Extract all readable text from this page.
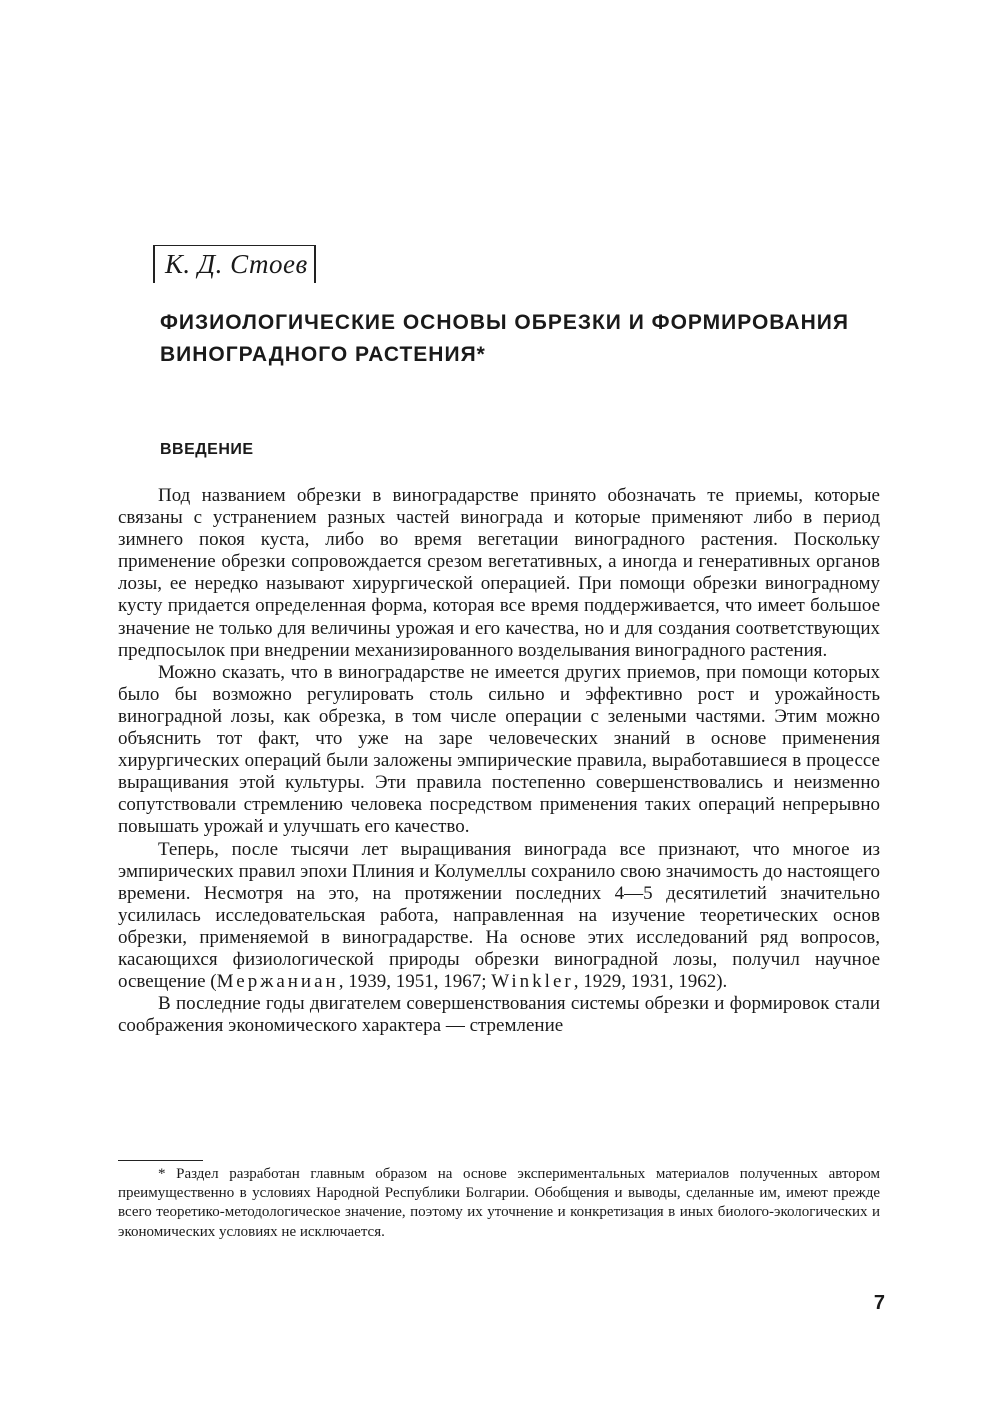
К. Д. Стоев
ФИЗИОЛОГИЧЕСКИЕ ОСНОВЫ ОБРЕЗКИ И ФОРМИРОВАНИЯ ВИНОГРАДНОГО РАСТЕНИЯ*
ВВЕДЕНИЕ

Под названием обрезки в виноградарстве принято обозначать те приемы, которые связаны с устранением разных частей винограда и которые применяют либо в период зимнего покоя куста, либо во время вегетации виноградного растения. Поскольку применение обрезки сопровождается срезом вегетативных, а иногда и генеративных органов лозы, ее нередко называют хирургической операцией. При помощи обрезки виноградному кусту придается определенная форма, которая все время поддерживается, что имеет большое значение не только для величины урожая и его качества, но и для создания соответствующих предпосылок при внедрении механизированного возделывания виноградного растения.

Можно сказать, что в виноградарстве не имеется других приемов, при помощи которых было бы возможно регулировать столь сильно и эффективно рост и урожайность виноградной лозы, как обрезка, в том числе операции с зелеными частями. Этим можно объяснить тот факт, что уже на заре человеческих знаний в основе применения хирургических операций были заложены эмпирические правила, выработавшиеся в процессе выращивания этой культуры. Эти правила постепенно совершенствовались и неизменно сопутствовали стремлению человека посредством применения таких операций непрерывно повышать урожай и улучшать его качество.

Теперь, после тысячи лет выращивания винограда все признают, что многое из эмпирических правил эпохи Плиния и Колумеллы сохранило свою значимость до настоящего времени. Несмотря на это, на протяжении последних 4—5 десятилетий значительно усилилась исследовательская работа, направленная на изучение теоретических основ обрезки, применяемой в виноградарстве. На основе этих исследований ряд вопросов, касающихся физиологической природы обрезки виноградной лозы, получил научное освещение (Мержаниан, 1939, 1951, 1967; Winkler, 1929, 1931, 1962).

В последние годы двигателем совершенствования системы обрезки и формировок стали соображения экономического характера — стремление

* Раздел разработан главным образом на основе экспериментальных материалов полученных автором преимущественно в условиях Народной Республики Болгарии. Обобщения и выводы, сделанные им, имеют прежде всего теоретико-методологическое значение, поэтому их уточнение и конкретизация в иных биолого-экологических и экономических условиях не исключается.

7
